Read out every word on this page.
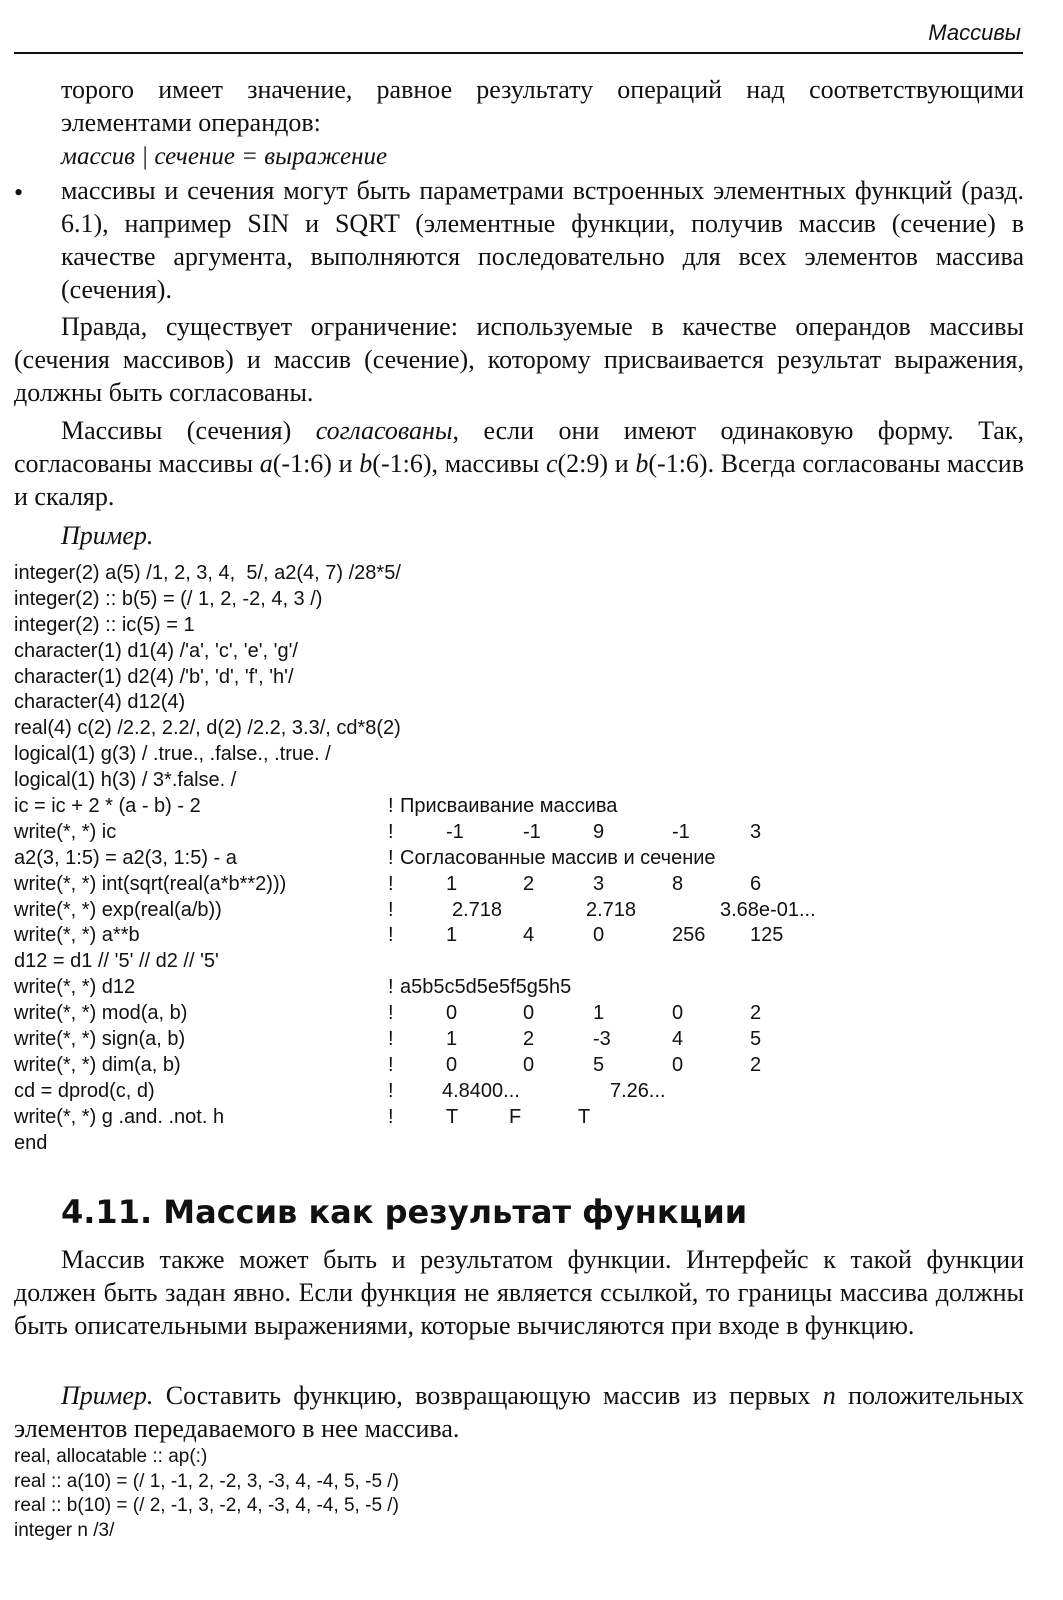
Массивы

торого имеет значение, равное результату операций над соответствующими элементами операндов:

массив | сечение = выражение
• массивы и сечения могут быть параметрами встроенных элементных функций (разд. 6.1), например SIN и SQRT (элементные функции, получив массив (сечение) в качестве аргумента, выполняются последовательно для всех элементов массива (сечения).

Правда, существует ограничение: используемые в качестве операндов массивы (сечения массивов) и массив (сечение), которому присваивается результат выражения, должны быть согласованы.

Массивы (сечения) согласованы, если они имеют одинаковую форму. Так, согласованы массивы a(-1:6) и b(-1:6), массивы c(2:9) и b(-1:6). Всегда согласованы массив и скаляр.

Пример.
integer(2) a(5) /1, 2, 3, 4,  5/, a2(4, 7) /28*5/
integer(2) :: b(5) = (/ 1, 2, -2, 4, 3 /)
integer(2) :: ic(5) = 1
character(1) d1(4) /'a', 'c', 'e', 'g'/
character(1) d2(4) /'b', 'd', 'f', 'h'/
character(4) d12(4)
real(4) c(2) /2.2, 2.2/, d(2) /2.2, 3.3/, cd*8(2)
logical(1) g(3) / .true., .false., .true. /
logical(1) h(3) / 3*.false. /
ic = ic + 2 * (a - b) - 2	! Присваивание массива
write(*, *) ic	!	-1	-1	9	-1	3
a2(3, 1:5) = a2(3, 1:5) - a	! Согласованные массив и сечение
write(*, *) int(sqrt(real(a*b**2)))	!	1	2	3	8	6
write(*, *) exp(real(a/b))	!	2.718	2.718	3.68e-01...
write(*, *) a**b	!	1	4	0	256 125
d12 = d1 // '5' // d2 // '5'
write(*, *) d12	! a5b5c5d5e5f5g5h5
write(*, *) mod(a, b)	!	0	0	1	0	2
write(*, *) sign(a, b)	!	1	2	-3	4	5
write(*, *) dim(a, b)	!	0	0	5	0	2
cd = dprod(c, d)	! 4.8400...	7.26...
write(*, *) g .and. .not. h	!	T	F	T
end
4.11. Массив как результат функции

Массив также может быть и результатом функции. Интерфейс к такой функции должен быть задан явно. Если функция не является ссылкой, то границы массива должны быть описательными выражениями, которые вычисляются при входе в функцию.

Пример. Составить функцию, возвращающую массив из первых n положительных элементов передаваемого в нее массива.

real, allocatable :: ap(:)
real :: a(10) = (/ 1, -1, 2, -2, 3, -3, 4, -4, 5, -5 /)
real :: b(10) = (/ 2, -1, 3, -2, 4, -3, 4, -4, 5, -5 /)
integer n /3/
